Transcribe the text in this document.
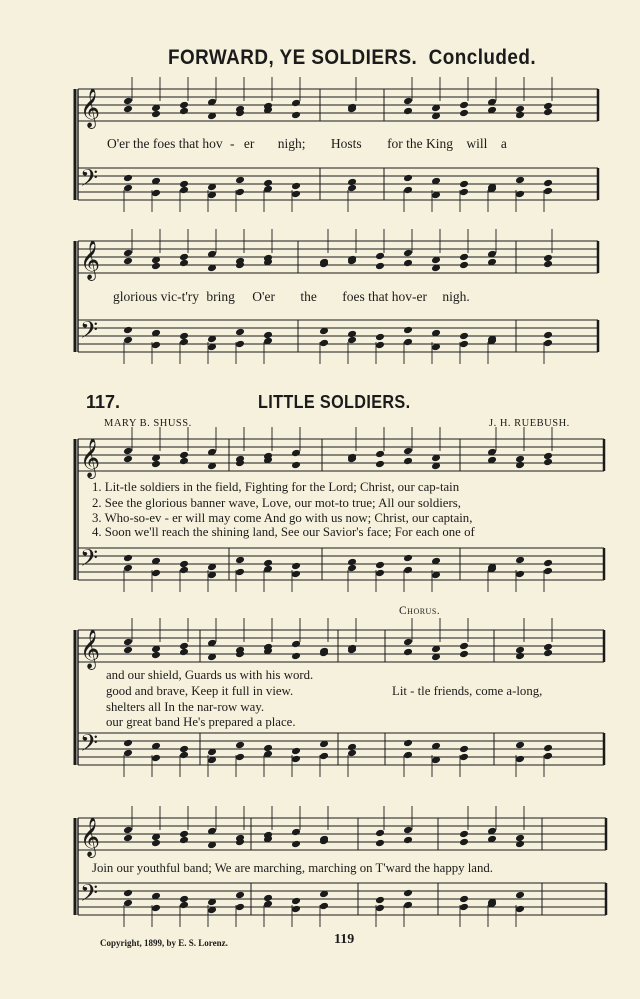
𝄞
𝄢
𝄞
𝄢
𝄞
𝄢
𝄞
𝄢
𝄞
𝄢
FORWARD, YE SOLDIERS. Concluded.
O'er the foes that hov - er nigh; Hosts for the King will a
glorious vic-t'ry bring O'er the foes that hov-er nigh.
117.	LITTLE SOLDIERS.
MARY B. SHUSS.	J. H. RUEBUSH.
1. Lit-tle soldiers in the field, Fighting for the Lord; Christ, our cap-tain
2. See the glorious banner wave, Love, our mot-to true; All our soldiers,
3. Who-so-ev - er will may come And go with us now; Christ, our captain,
4. Soon we'll reach the shining land, See our Savior's face; For each one of
Chorus.
and our shield, Guards us with his word.
good and brave, Keep it full in view.
shelters all In the nar-row way.
our great band He's prepared a place.
Lit - tle friends, come a-long,
Join our youthful band; We are marching, marching on T'ward the happy land.
Copyright, 1899, by E. S. Lorenz.	119
